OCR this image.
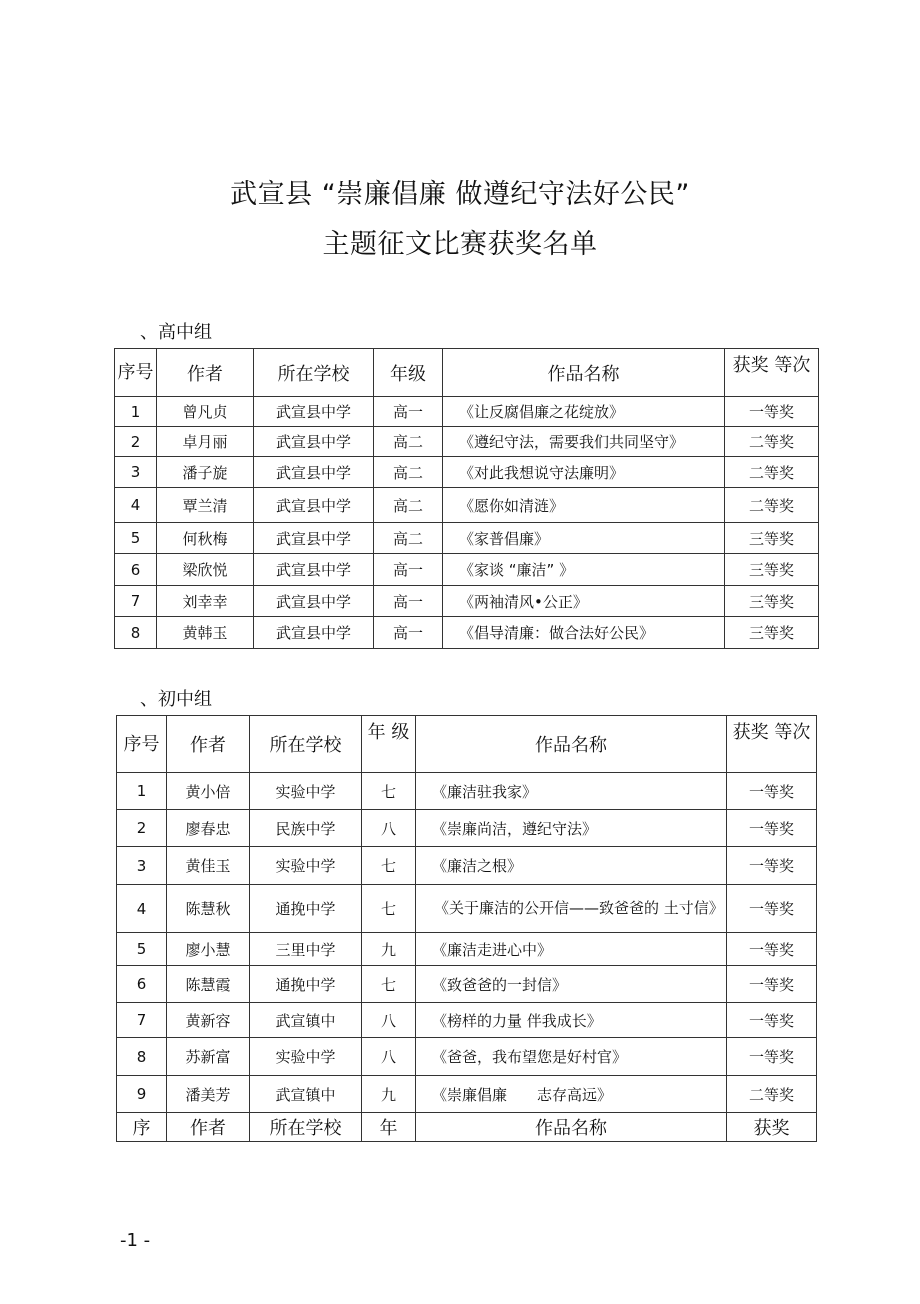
武宣县 “崇廉倡廉 做遵纪守法好公民”
主题征文比赛获奖名单
、高中组
序号	作者	所在学校	年级	作品名称	获奖 等次
1	曾凡贞	武宣县中学	高一	《让反腐倡廉之花绽放》	一等奖
2	卓月丽	武宣县中学	高二	《遵纪守法，需要我们共同坚守》	二等奖
3	潘子旋	武宣县中学	高二	《对此我想说守法廉明》	二等奖
4	覃兰清	武宣县中学	高二	《愿你如清涟》	二等奖
5	何秋梅	武宣县中学	高二	《家普倡廉》	三等奖
6	梁欣悦	武宣县中学	高一	《家谈 “廉洁” 》	三等奖
7	刘幸幸	武宣县中学	高一	《两袖清风•公正》	三等奖
8	黄韩玉	武宣县中学	高一	《倡导清廉：做合法好公民》	三等奖
、初中组
序号	作者	所在学校	年 级	作品名称	获奖 等次
1	黄小倍	实验中学	七	《廉洁驻我家》	一等奖
2	廖春忠	民族中学	八	《崇廉尚洁，遵纪守法》	一等奖
3	黄佳玉	实验中学	七	《廉洁之根》	一等奖
4	陈慧秋	通挽中学	七	《关于廉洁的公开信——致爸爸的 土寸信》	一等奖
5	廖小慧	三里中学	九	《廉洁走进心中》	一等奖
6	陈慧霞	通挽中学	七	《致爸爸的一封信》	一等奖
7	黄新容	武宣镇中	八	《榜样的力量 伴我成长》	一等奖
8	苏新富	实验中学	八	《爸爸，我布望您是好村官》	一等奖
9	潘美芳	武宣镇中	九	《崇廉倡廉　　志存高远》	二等奖
序	作者	所在学校	年	作品名称	获奖
-1 -
